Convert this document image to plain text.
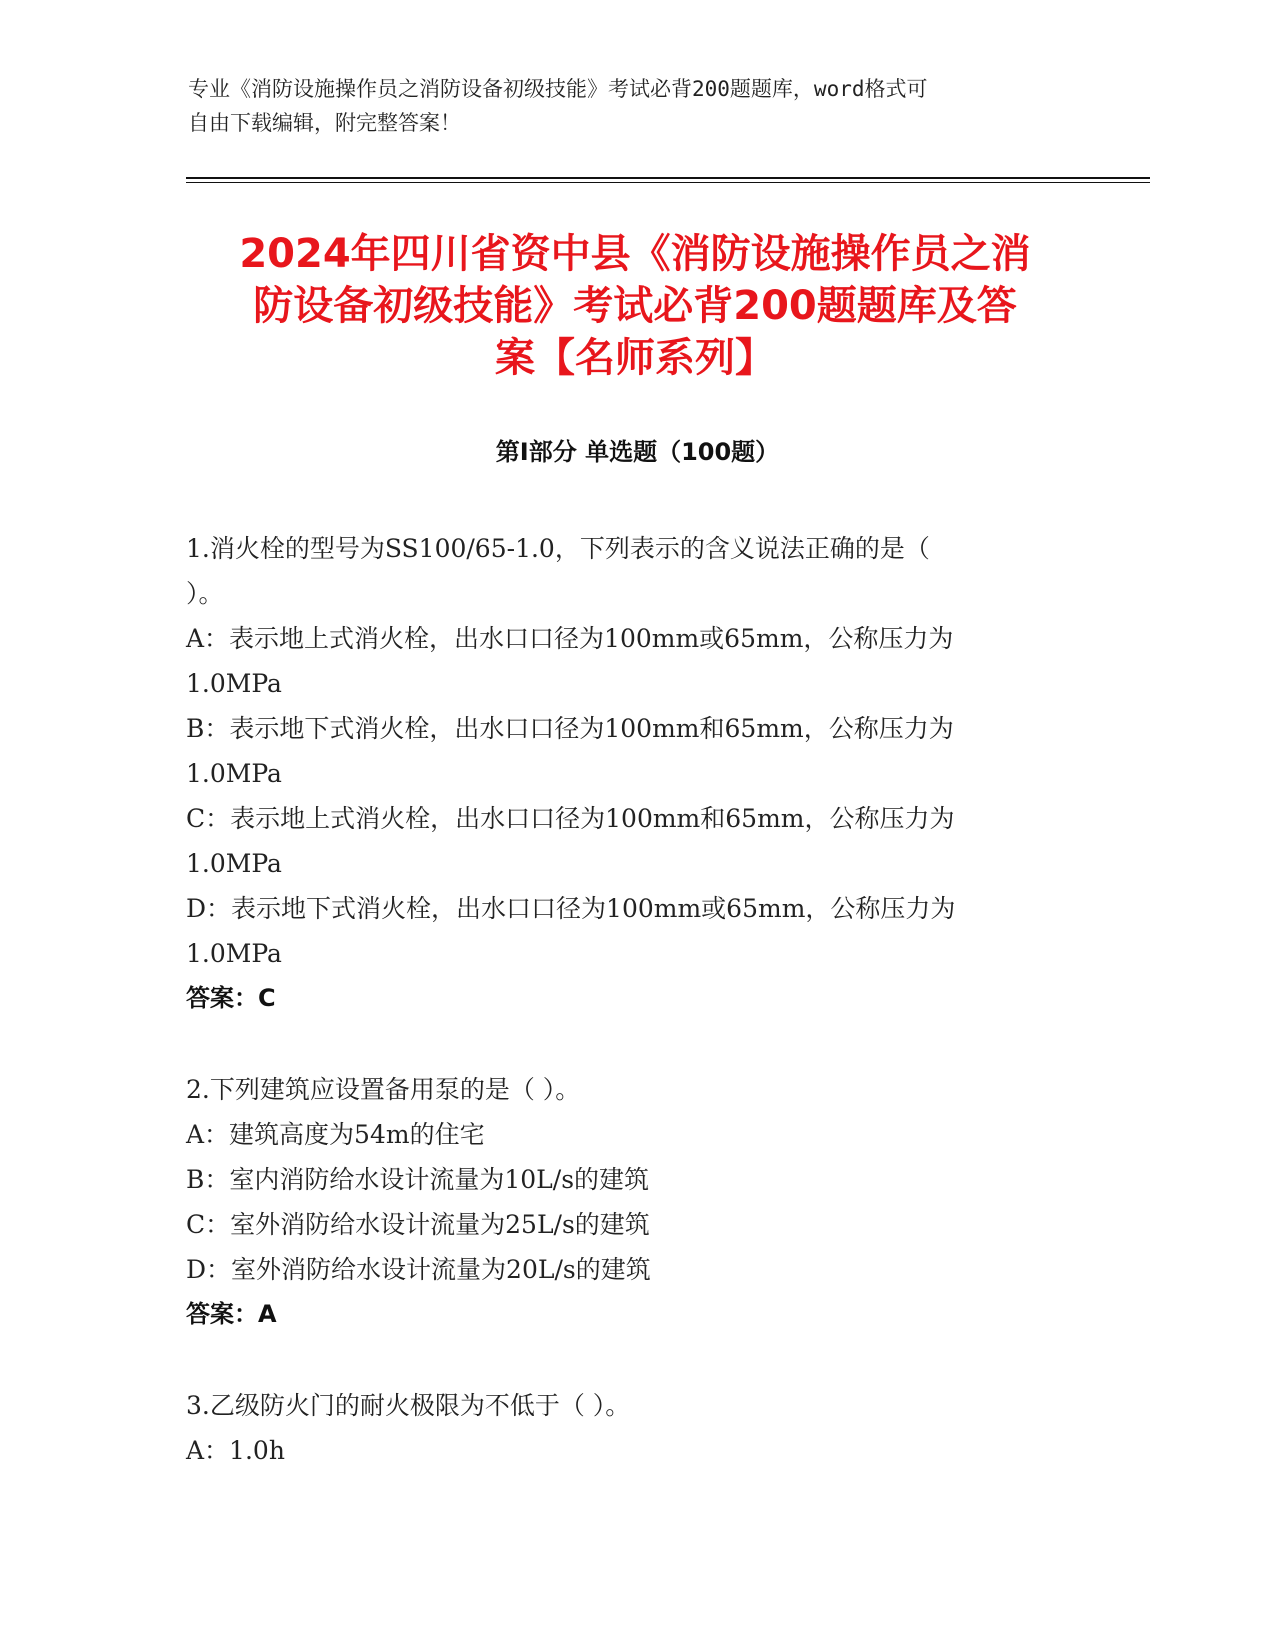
专业《消防设施操作员之消防设备初级技能》考试必背200题题库，word格式可
自由下载编辑，附完整答案！
2024年四川省资中县《消防设施操作员之消
防设备初级技能》考试必背200题题库及答
案【名师系列】
第Ⅰ部分 单选题（100题）
1.消火栓的型号为SS100/65-1.0，下列表示的含义说法正确的是（
）。
A：表示地上式消火栓，出水口口径为100mm或65mm，公称压力为
1.0MPa
B：表示地下式消火栓，出水口口径为100mm和65mm，公称压力为
1.0MPa
C：表示地上式消火栓，出水口口径为100mm和65mm，公称压力为
1.0MPa
D：表示地下式消火栓，出水口口径为100mm或65mm，公称压力为
1.0MPa
答案：C
2.下列建筑应设置备用泵的是（ ）。
A：建筑高度为54m的住宅
B：室内消防给水设计流量为10L/s的建筑
C：室外消防给水设计流量为25L/s的建筑
D：室外消防给水设计流量为20L/s的建筑
答案：A
3.乙级防火门的耐火极限为不低于（ ）。
A：1.0h
